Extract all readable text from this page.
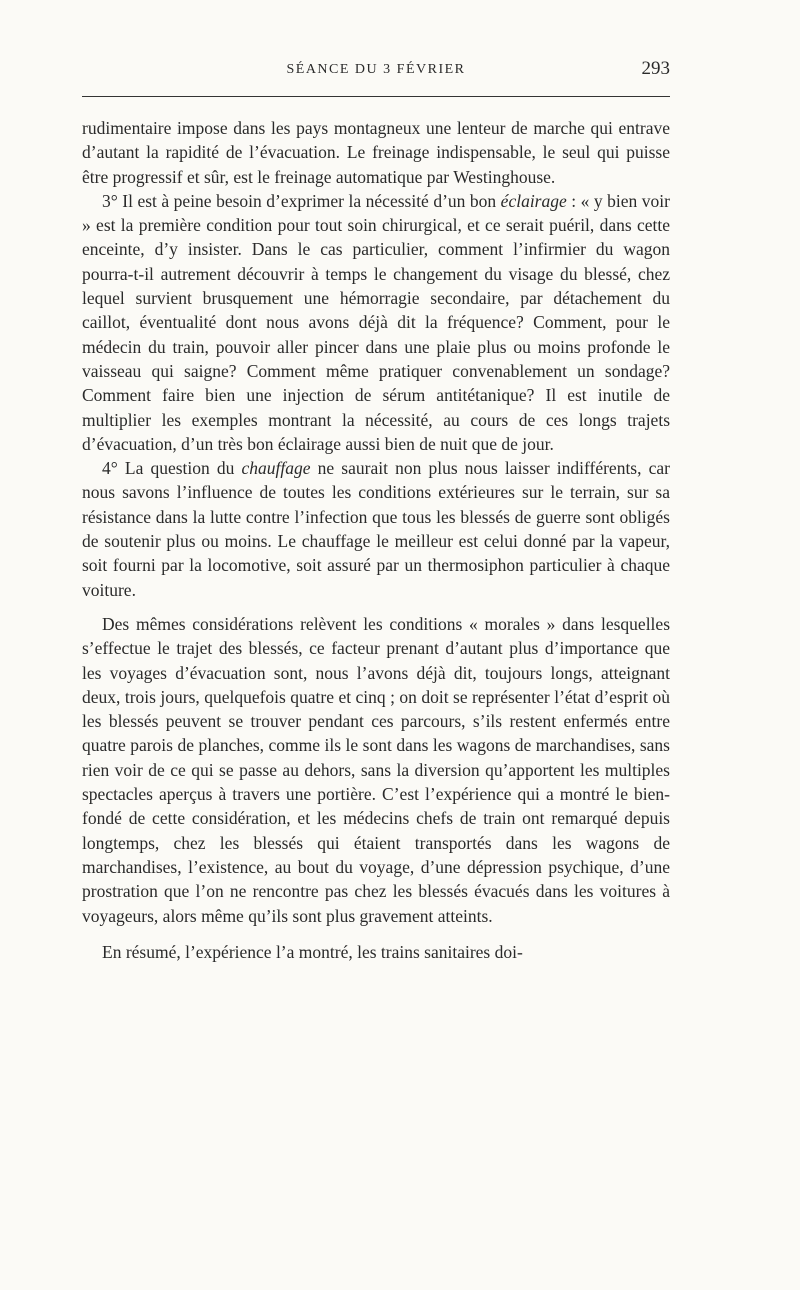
SÉANCE DU 3 FÉVRIER	293

rudimentaire impose dans les pays montagneux une lenteur de marche qui entrave d’autant la rapidité de l’évacuation. Le freinage indispensable, le seul qui puisse être progressif et sûr, est le freinage automatique par Westinghouse.

3° Il est à peine besoin d’exprimer la nécessité d’un bon éclairage : « y bien voir » est la première condition pour tout soin chirurgical, et ce serait puéril, dans cette enceinte, d’y insister. Dans le cas particulier, comment l’infirmier du wagon pourra-t-il autrement découvrir à temps le changement du visage du blessé, chez lequel survient brusquement une hémorragie secondaire, par détachement du caillot, éventualité dont nous avons déjà dit la fréquence? Comment, pour le médecin du train, pouvoir aller pincer dans une plaie plus ou moins profonde le vaisseau qui saigne? Comment même pratiquer convenablement un sondage? Comment faire bien une injection de sérum antitétanique? Il est inutile de multiplier les exemples montrant la nécessité, au cours de ces longs trajets d’évacuation, d’un très bon éclairage aussi bien de nuit que de jour.

4° La question du chauffage ne saurait non plus nous laisser indifférents, car nous savons l’influence de toutes les conditions extérieures sur le terrain, sur sa résistance dans la lutte contre l’infection que tous les blessés de guerre sont obligés de soutenir plus ou moins. Le chauffage le meilleur est celui donné par la vapeur, soit fourni par la locomotive, soit assuré par un thermosiphon particulier à chaque voiture.

Des mêmes considérations relèvent les conditions « morales » dans lesquelles s’effectue le trajet des blessés, ce facteur prenant d’autant plus d’importance que les voyages d’évacuation sont, nous l’avons déjà dit, toujours longs, atteignant deux, trois jours, quelquefois quatre et cinq ; on doit se représenter l’état d’esprit où les blessés peuvent se trouver pendant ces parcours, s’ils restent enfermés entre quatre parois de planches, comme ils le sont dans les wagons de marchandises, sans rien voir de ce qui se passe au dehors, sans la diversion qu’apportent les multiples spectacles aperçus à travers une portière. C’est l’expérience qui a montré le bien-fondé de cette considération, et les médecins chefs de train ont remarqué depuis longtemps, chez les blessés qui étaient transportés dans les wagons de marchandises, l’existence, au bout du voyage, d’une dépression psychique, d’une prostration que l’on ne rencontre pas chez les blessés évacués dans les voitures à voyageurs, alors même qu’ils sont plus gravement atteints.

En résumé, l’expérience l’a montré, les trains sanitaires doi-
